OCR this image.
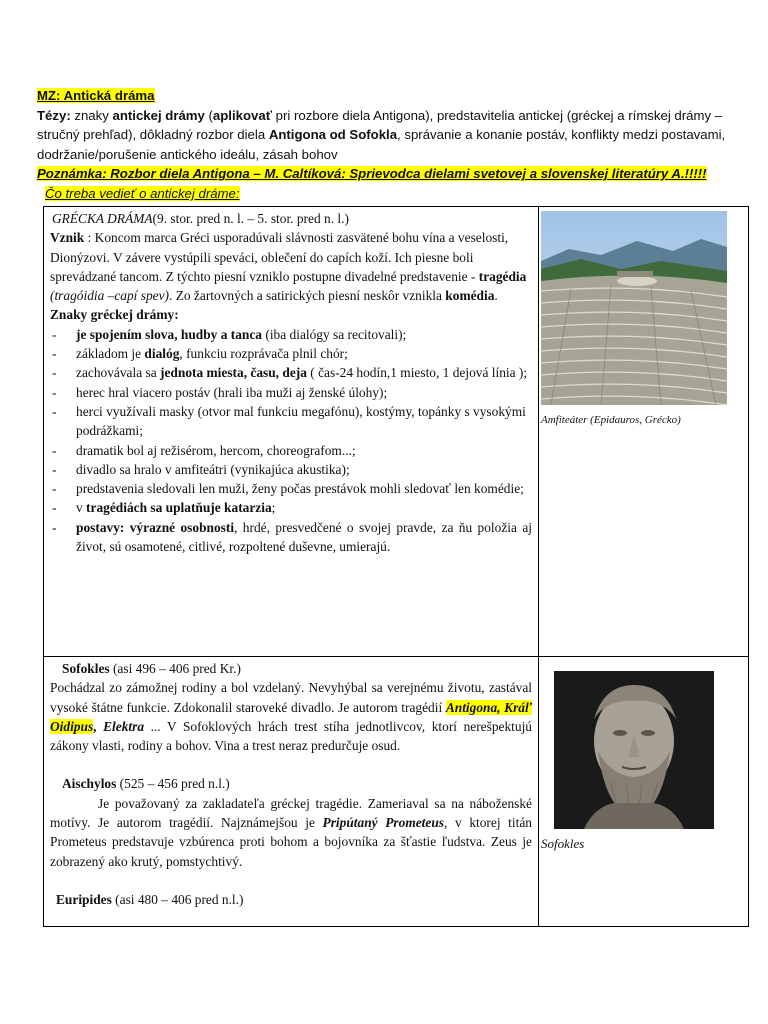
MZ: Antická dráma

Tézy: znaky antickej drámy (aplikovať pri rozbore diela Antigona), predstavitelia antickej (gréckej a rímskej drámy – stručný prehľad), dôkladný rozbor diela Antigona od Sofokla, správanie a konanie postáv, konflikty medzi postavami, dodržanie/porušenie antického ideálu, zásah bohov

Poznámka: Rozbor diela Antigona – M. Caltíková: Sprievodca dielami svetovej a slovenskej literatúry A.!!!!!

Čo treba vedieť o antickej dráme:

GRÉCKA DRÁMA(9. stor. pred n. l. – 5. stor. pred n. l.)

Vznik : Koncom marca Gréci usporadúvali slávnosti zasvätené bohu vína a veselosti, Dionýzovi. V závere vystúpili speváci, oblečení do capích koží. Ich piesne boli sprevádzané tancom. Z týchto piesní vzniklo postupne divadelné predstavenie - tragédia (tragóidia –capí spev). Zo žartovných a satirických piesní neskôr vznikla komédia.

Znaky gréckej drámy:

- je spojením slova, hudby a tanca (iba dialógy sa recitovali);
- základom je dialóg, funkciu rozprávača plnil chór;
- zachovávala sa jednota miesta, času, deja ( čas-24 hodín,1 miesto, 1 dejová línia );
- herec hral viacero postáv (hrali iba muži aj ženské úlohy);
- herci využívali masky (otvor mal funkciu megafónu), kostýmy, topánky s vysokými podrážkami;
- dramatik bol aj režisérom, hercom, choreografom...;
- divadlo sa hralo v amfiteátri (vynikajúca akustika);
- predstavenia sledovali len muži, ženy počas prestávok mohli sledovať len komédie;
- v tragédiách sa uplatňuje katarzia;
- postavy: výrazné osobnosti, hrdé, presvedčené o svojej pravde, za ňu položia aj život, sú osamotené, citlivé, rozpoltené duševne, umierajú.

Amfiteáter (Epidauros, Grécko)

Sofokles (asi 496 – 406 pred Kr.)

Pochádzal zo zámožnej rodiny a bol vzdelaný. Nevyhýbal sa verejnému životu, zastával vysoké štátne funkcie. Zdokonalil staroveké divadlo. Je autorom tragédií Antigona, Kráľ Oidipus, Elektra ... V Sofoklových hrách trest stíha jednotlivcov, ktorí nerešpektujú zákony vlasti, rodiny a bohov. Vina a trest neraz predurčuje osud.

Aischylos (525 – 456 pred n.l.)

Je považovaný za zakladateľa gréckej tragédie. Zameriaval sa na náboženské motívy. Je autorom tragédií. Najznámejšou je Pripútaný Prometeus, v ktorej titán Prometeus predstavuje vzbúrenca proti bohom a bojovníka za šťastie ľudstva. Zeus je zobrazený ako krutý, pomstychtivý.

Euripides (asi 480 – 406 pred n.l.)

Sofokles
